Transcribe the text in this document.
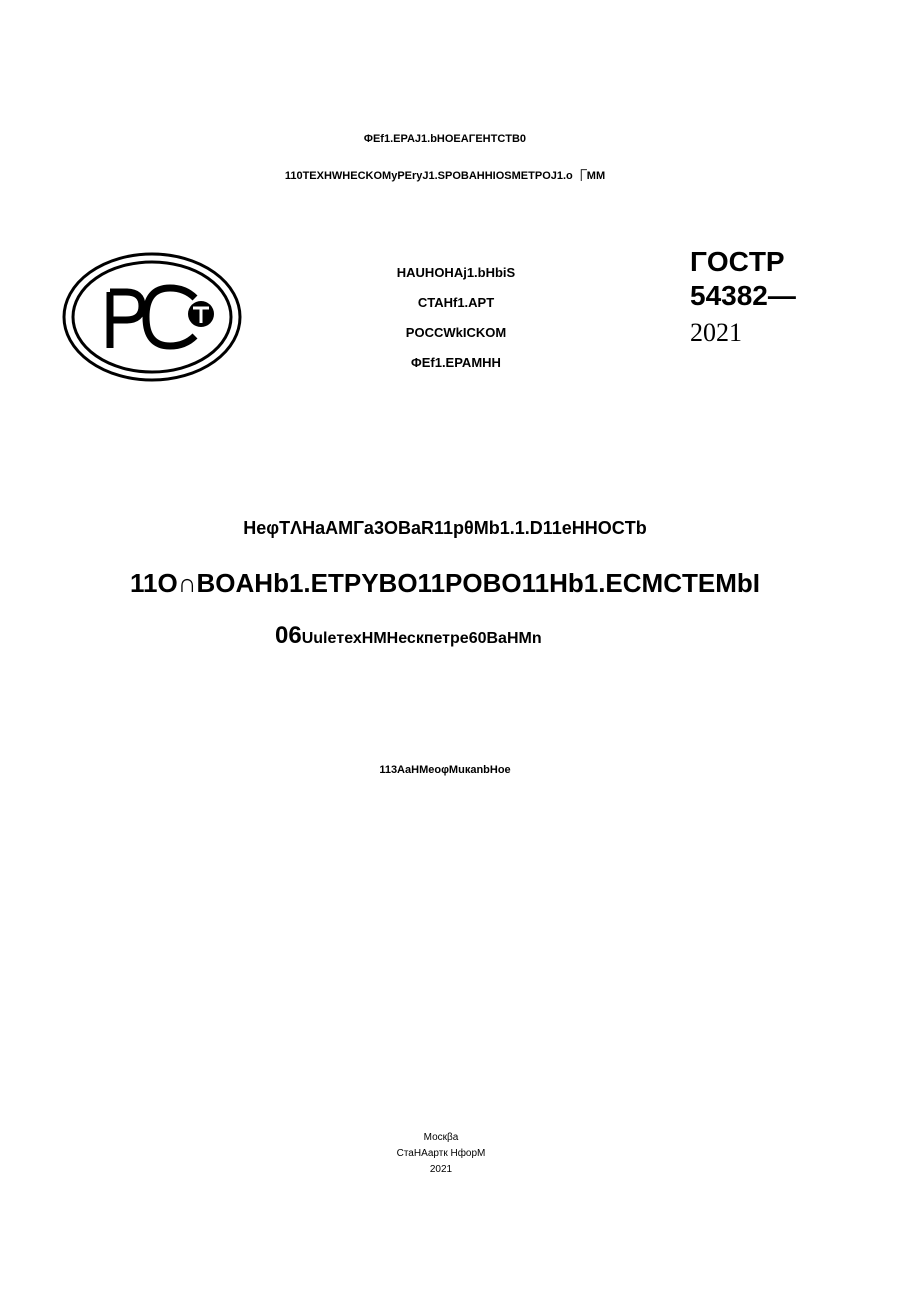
ΦEf1.EPAJ1.bHOEAΓEHTCTB0
110TEXHWHECKOMyPEryJ1.SPOBAHHIOSMETPOJ1.o ⎾MM
HAUHOHAj1.bHbiS
CTAHf1.APT
POCCWkICKOM
ΦEf1.EPAMHH
ΓOCTP
54382—
2021
HeφTΛHaAMΓa3OBaR11pθMb1.1.D11eHHOCTb
11O∩BOAHb1.ETPYBO11POBO11Hb1.ECMCTEMbI
06UuleтехНМНескпетре60ВаНМn
113AaHMeoφMuкanbHoe
Москβа
СтаНАартк НфорМ
2021
